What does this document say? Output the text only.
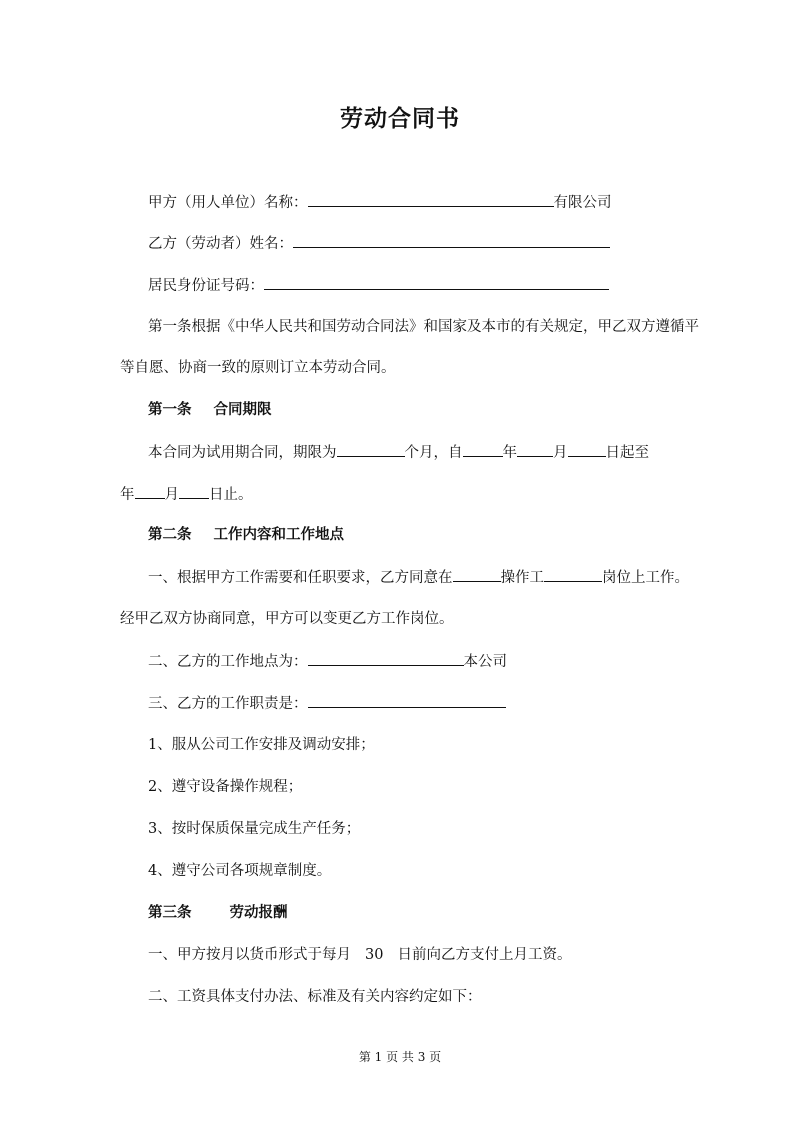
劳动合同书
甲方（用人单位）名称：	有限公司
乙方（劳动者）姓名：
居民身份证号码：
第一条根据《中华人民共和国劳动合同法》和国家及本市的有关规定，甲乙双方遵循平
等自愿、协商一致的原则订立本劳动合同。
第一条 合同期限
本合同为试用期合同，期限为	个月，自	年 月	日起至
年 月 日止。
第二条 工作内容和工作地点
一、根据甲方工作需要和任职要求，乙方同意在	操作工	岗位上工作。
经甲乙双方协商同意，甲方可以变更乙方工作岗位。
二、乙方的工作地点为：	本公司
三、乙方的工作职责是：
1、服从公司工作安排及调动安排；
2、遵守设备操作规程；
3、按时保质保量完成生产任务；
4、遵守公司各项规章制度。
第三条	劳动报酬
一、甲方按月以货币形式于每月 30 日前向乙方支付上月工资。
二、工资具体支付办法、标准及有关内容约定如下：
第 1 页 共 3 页
